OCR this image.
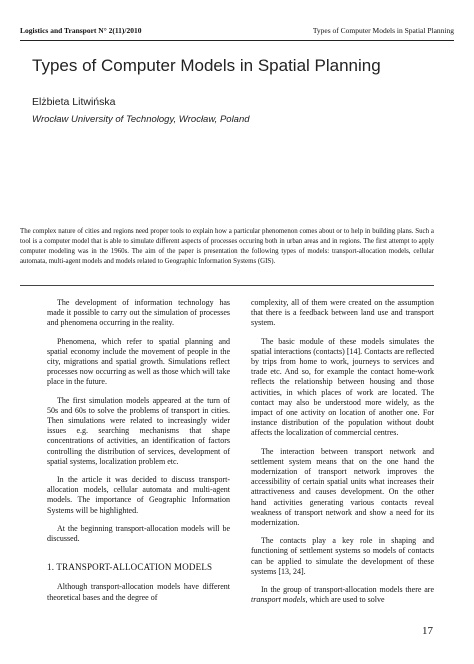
Logistics and Transport N° 2(11)/2010	Types of Computer Models in Spatial Planning
Types of Computer Models in Spatial Planning
Elżbieta Litwińska
Wrocław University of Technology, Wrocław, Poland

The complex nature of cities and regions need proper tools to explain how a particular phenomenon comes about or to help in building plans. Such a tool is a computer model that is able to simulate different aspects of processes occuring both in urban areas and in regions. The first attempt to apply computer modeling was in the 1960s. The aim of the paper is presentation the following types of models: transport-allocation models, cellular automata, multi-agent models and models related to Geographic Information Systems (GIS).

The development of information technology has made it possible to carry out the simulation of processes and phenomena occurring in the reality.

Phenomena, which refer to spatial planning and spatial economy include the movement of people in the city, migrations and spatial growth. Simulations reflect processes now occurring as well as those which will take place in the future.

The first simulation models appeared at the turn of 50s and 60s to solve the problems of transport in cities. Then simulations were related to increasingly wider issues e.g. searching mechanisms that shape concentrations of activities, an identification of factors controlling the distribution of services, development of spatial systems, localization problem etc.

In the article it was decided to discuss transport-allocation models, cellular automata and multi-agent models. The importance of Geographic Information Systems will be highlighted.

At the beginning transport-allocation models will be discussed.

1. TRANSPORT-ALLOCATION MODELS

Although transport-allocation models have different theoretical bases and the degree of

complexity, all of them were created on the assumption that there is a feedback between land use and transport system.

The basic module of these models simulates the spatial interactions (contacts) [14]. Contacts are reflected by trips from home to work, journeys to services and trade etc. And so, for example the contact home-work reflects the relationship between housing and those activities, in which places of work are located. The contact may also be understood more widely, as the impact of one activity on location of another one. For instance distribution of the population without doubt affects the localization of commercial centres.

The interaction between transport network and settlement system means that on the one hand the modernization of transport network improves the accessibility of certain spatial units what increases their attractiveness and causes development. On the other hand activities generating various contacts reveal weakness of transport network and show a need for its modernization.

The contacts play a key role in shaping and functioning of settlement systems so models of contacts can be applied to simulate the development of these systems [13, 24].

In the group of transport-allocation models there are transport models, which are used to solve

17
